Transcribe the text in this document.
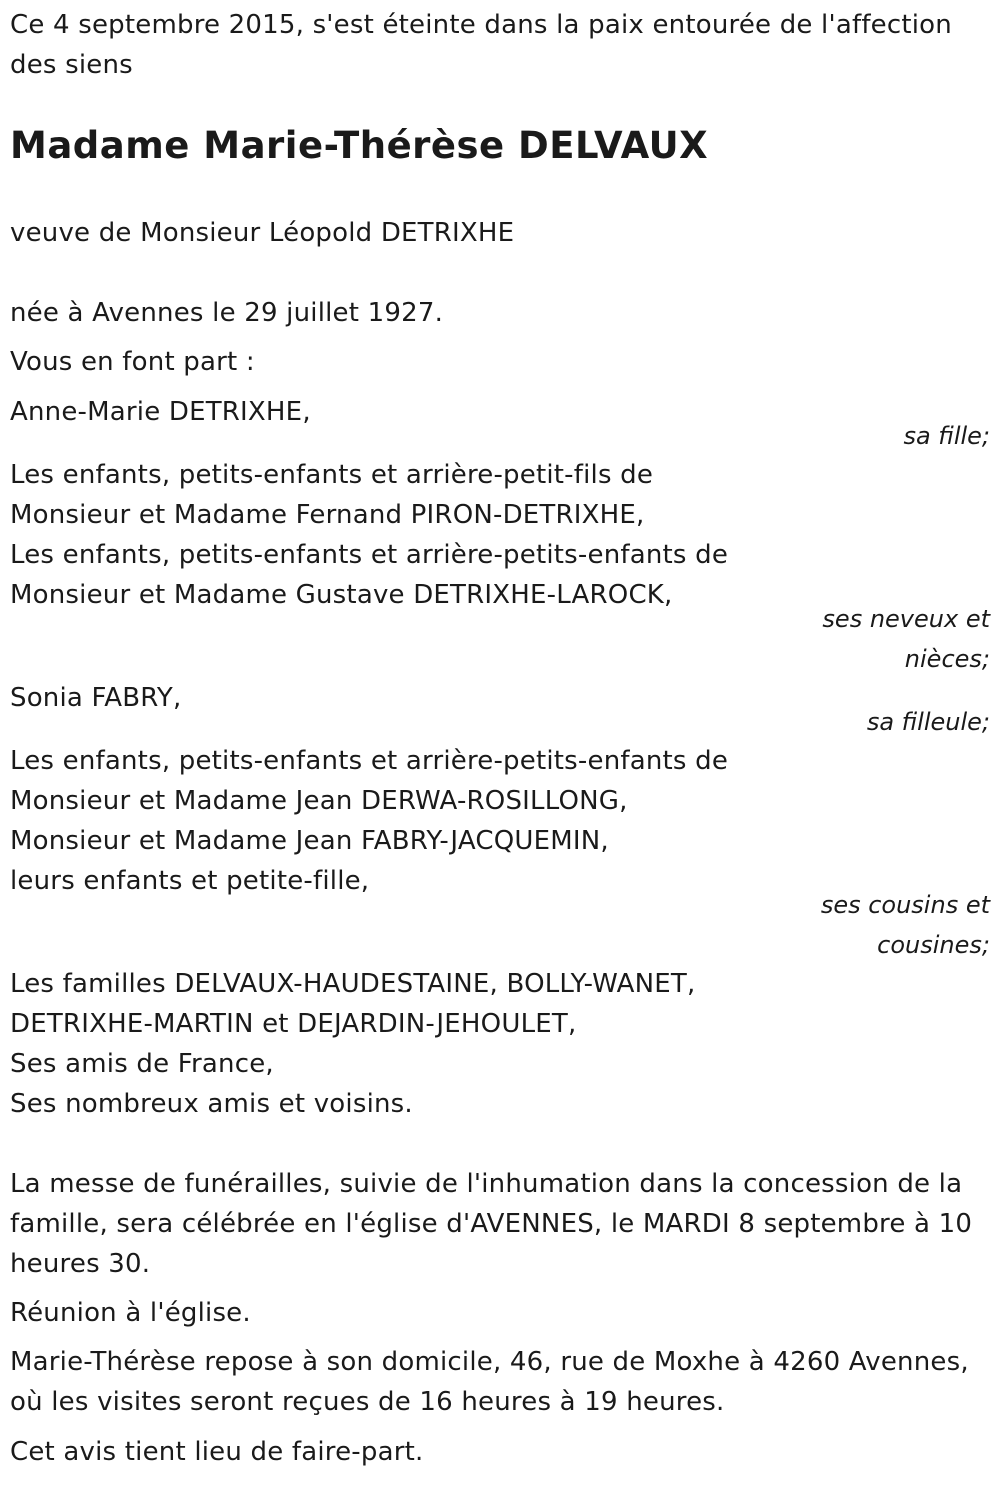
Ce 4 septembre 2015, s'est éteinte dans la paix entourée de l'affection
des siens
Madame Marie-Thérèse DELVAUX
veuve de Monsieur Léopold DETRIXHE
née à Avennes le 29 juillet 1927.
Vous en font part :
Anne-Marie DETRIXHE,
sa fille;
Les enfants, petits-enfants et arrière-petit-fils de
Monsieur et Madame Fernand PIRON-DETRIXHE,
Les enfants, petits-enfants et arrière-petits-enfants de
Monsieur et Madame Gustave DETRIXHE-LAROCK,
ses neveux et
nièces;
Sonia FABRY,
sa filleule;
Les enfants, petits-enfants et arrière-petits-enfants de
Monsieur et Madame Jean DERWA-ROSILLONG,
Monsieur et Madame Jean FABRY-JACQUEMIN,
leurs enfants et petite-fille,
ses cousins et
cousines;
Les familles DELVAUX-HAUDESTAINE, BOLLY-WANET,
DETRIXHE-MARTIN et DEJARDIN-JEHOULET,
Ses amis de France,
Ses nombreux amis et voisins.
La messe de funérailles, suivie de l'inhumation dans la concession de la
famille, sera célébrée en l'église d'AVENNES, le MARDI 8 septembre à 10
heures 30.
Réunion à l'église.
Marie-Thérèse repose à son domicile, 46, rue de Moxhe à 4260 Avennes,
où les visites seront reçues de 16 heures à 19 heures.
Cet avis tient lieu de faire-part.
